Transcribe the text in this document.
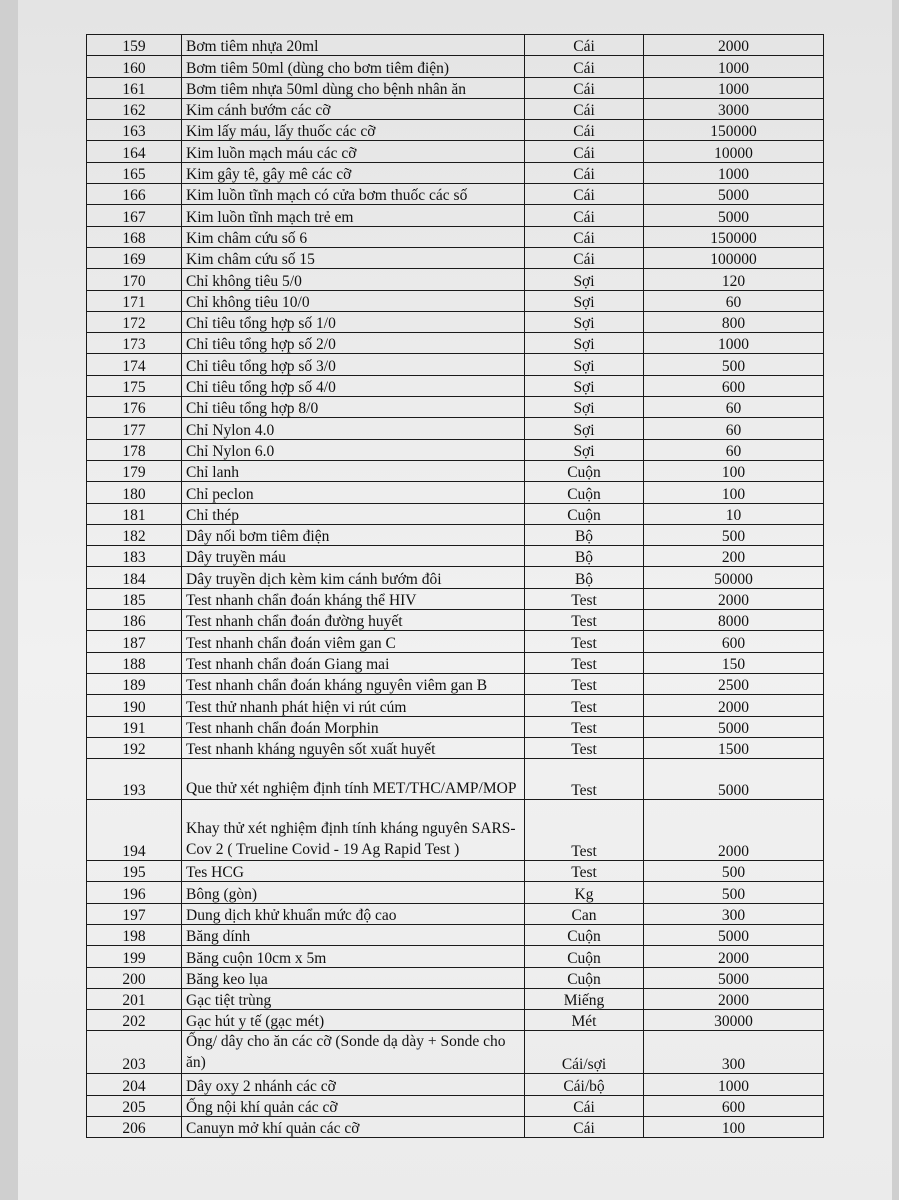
159	Bơm tiêm nhựa 20ml	Cái	2000
160	Bơm tiêm 50ml (dùng cho bơm tiêm điện)	Cái	1000
161	Bơm tiêm nhựa 50ml dùng cho bệnh nhân ăn	Cái	1000
162	Kim cánh bướm các cỡ	Cái	3000
163	Kim lấy máu, lấy thuốc các cỡ	Cái	150000
164	Kim luồn mạch máu các cỡ	Cái	10000
165	Kim gây tê, gây mê các cỡ	Cái	1000
166	Kim luồn tĩnh mạch có cửa bơm thuốc các số	Cái	5000
167	Kim luồn tĩnh mạch trẻ em	Cái	5000
168	Kim châm cứu số 6	Cái	150000
169	Kim châm cứu số 15	Cái	100000
170	Chỉ không tiêu 5/0	Sợi	120
171	Chỉ không tiêu 10/0	Sợi	60
172	Chỉ tiêu tổng hợp số 1/0	Sợi	800
173	Chỉ tiêu tổng hợp số 2/0	Sợi	1000
174	Chỉ tiêu tổng hợp số 3/0	Sợi	500
175	Chỉ tiêu tổng hợp số 4/0	Sợi	600
176	Chỉ tiêu tổng hợp 8/0	Sợi	60
177	Chỉ Nylon 4.0	Sợi	60
178	Chỉ Nylon 6.0	Sợi	60
179	Chỉ lanh	Cuộn	100
180	Chỉ peclon	Cuộn	100
181	Chỉ thép	Cuộn	10
182	Dây nối bơm tiêm điện	Bộ	500
183	Dây truyền máu	Bộ	200
184	Dây truyền dịch kèm kim cánh bướm đôi	Bộ	50000
185	Test nhanh chẩn đoán kháng thể HIV	Test	2000
186	Test nhanh chẩn đoán đường huyết	Test	8000
187	Test nhanh chẩn đoán viêm gan C	Test	600
188	Test nhanh chẩn đoán Giang mai	Test	150
189	Test nhanh chẩn đoán kháng nguyên viêm gan B	Test	2500
190	Test thử nhanh phát hiện vi rút cúm	Test	2000
191	Test nhanh chẩn đoán Morphin	Test	5000
192	Test nhanh kháng nguyên sốt xuất huyết	Test	1500
193	Que thử xét nghiệm định tính MET/THC/AMP/MOP	Test	5000
194	Khay thử xét nghiệm định tính kháng nguyên SARS-Cov 2 ( Trueline Covid - 19 Ag Rapid Test )	Test	2000
195	Tes HCG	Test	500
196	Bông (gòn)	Kg	500
197	Dung dịch khử khuẩn mức độ cao	Can	300
198	Băng dính	Cuộn	5000
199	Băng cuộn 10cm x 5m	Cuộn	2000
200	Băng keo lụa	Cuộn	5000
201	Gạc tiệt trùng	Miếng	2000
202	Gạc hút y tế (gạc mét)	Mét	30000
203	Ống/ dây cho ăn các cỡ (Sonde dạ dày + Sonde cho ăn)	Cái/sợi	300
204	Dây oxy 2 nhánh các cỡ	Cái/bộ	1000
205	Ống nội khí quản các cỡ	Cái	600
206	Canuyn mở khí quản các cỡ	Cái	100
